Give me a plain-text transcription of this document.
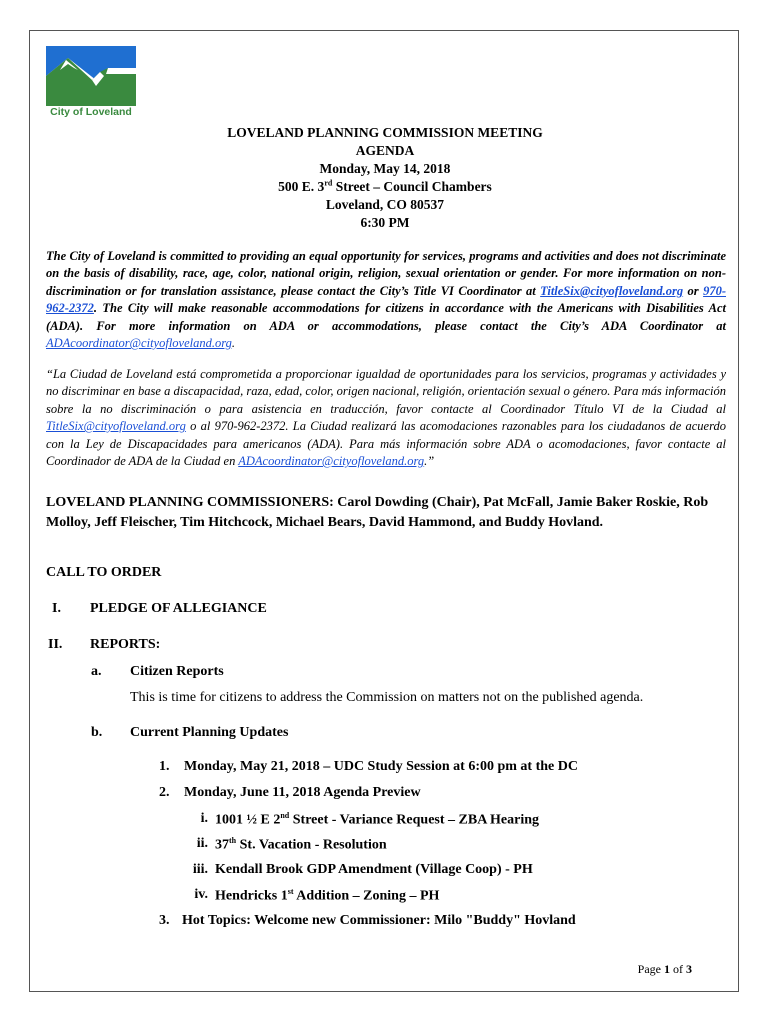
City of Loveland
LOVELAND PLANNING COMMISSION MEETING
AGENDA
Monday, May 14, 2018
500 E. 3rd Street – Council Chambers
Loveland, CO 80537
6:30 PM
The City of Loveland is committed to providing an equal opportunity for services, programs and activities and does not discriminate on the basis of disability, race, age, color, national origin, religion, sexual orientation or gender. For more information on non-discrimination or for translation assistance, please contact the City’s Title VI Coordinator at TitleSix@cityofloveland.org or 970-962-2372. The City will make reasonable accommodations for citizens in accordance with the Americans with Disabilities Act (ADA). For more information on ADA or accommodations, please contact the City’s ADA Coordinator at ADAcoordinator@cityofloveland.org.
“La Ciudad de Loveland está comprometida a proporcionar igualdad de oportunidades para los servicios, programas y actividades y no discriminar en base a discapacidad, raza, edad, color, origen nacional, religión, orientación sexual o género. Para más información sobre la no discriminación o para asistencia en traducción, favor contacte al Coordinador Título VI de la Ciudad al TitleSix@cityofloveland.org o al 970-962-2372. La Ciudad realizará las acomodaciones razonables para los ciudadanos de acuerdo con la Ley de Discapacidades para americanos (ADA). Para más información sobre ADA o acomodaciones, favor contacte al Coordinador de ADA de la Ciudad en ADAcoordinator@cityofloveland.org.”
LOVELAND PLANNING COMMISSIONERS: Carol Dowding (Chair), Pat McFall, Jamie Baker Roskie, Rob Molloy, Jeff Fleischer, Tim Hitchcock, Michael Bears, David Hammond, and Buddy Hovland.
CALL TO ORDER
I. PLEDGE OF ALLEGIANCE
II. REPORTS:
a. Citizen Reports
This is time for citizens to address the Commission on matters not on the published agenda.
b. Current Planning Updates
1. Monday, May 21, 2018 – UDC Study Session at 6:00 pm at the DC
2. Monday, June 11, 2018 Agenda Preview
i. 1001 ½ E 2nd Street - Variance Request – ZBA Hearing
ii. 37th St. Vacation - Resolution
iii. Kendall Brook GDP Amendment (Village Coop) - PH
iv. Hendricks 1st Addition – Zoning – PH
3. Hot Topics: Welcome new Commissioner: Milo "Buddy" Hovland
Page 1 of 3
